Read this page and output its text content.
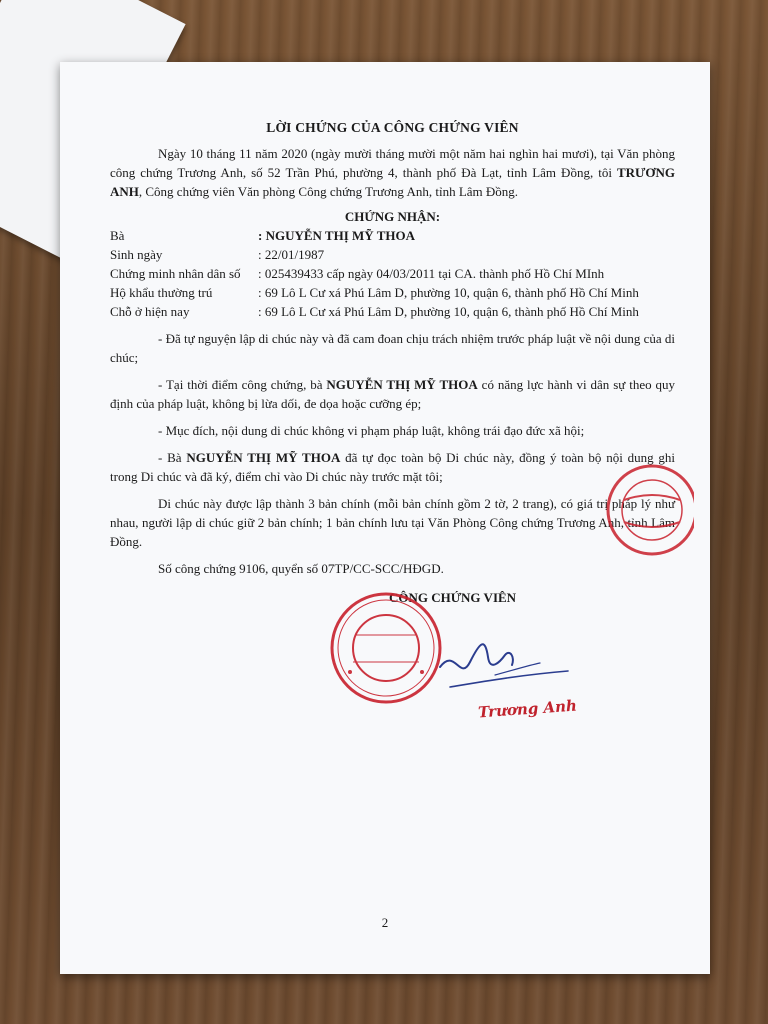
LỜI CHỨNG CỦA CÔNG CHỨNG VIÊN

Ngày 10 tháng 11 năm 2020 (ngày mười tháng mười một năm hai nghìn hai mươi), tại Văn phòng công chứng Trương Anh, số 52 Trần Phú, phường 4, thành phố Đà Lạt, tỉnh Lâm Đồng, tôi TRƯƠNG ANH, Công chứng viên Văn phòng Công chứng Trương Anh, tỉnh Lâm Đồng.

CHỨNG NHẬN:

Bà	: NGUYỄN THỊ MỸ THOA
Sinh ngày	: 22/01/1987
Chứng minh nhân dân số	: 025439433 cấp ngày 04/03/2011 tại CA. thành phố Hồ Chí MInh
Hộ khẩu thường trú	: 69 Lô L Cư xá Phú Lâm D, phường 10, quận 6, thành phố Hồ Chí Minh
Chỗ ở hiện nay	: 69 Lô L Cư xá Phú Lâm D, phường 10, quận 6, thành phố Hồ Chí Minh

- Đã tự nguyện lập di chúc này và đã cam đoan chịu trách nhiệm trước pháp luật về nội dung của di chúc;

- Tại thời điểm công chứng, bà NGUYỄN THỊ MỸ THOA có năng lực hành vi dân sự theo quy định của pháp luật, không bị lừa dối, đe dọa hoặc cưỡng ép;

- Mục đích, nội dung di chúc không vi phạm pháp luật, không trái đạo đức xã hội;

- Bà NGUYỄN THỊ MỸ THOA đã tự đọc toàn bộ Di chúc này, đồng ý toàn bộ nội dung ghi trong Di chúc và đã ký, điểm chỉ vào Di chúc này trước mặt tôi;

Di chúc này được lập thành 3 bản chính (mỗi bản chính gồm 2 tờ, 2 trang), có giá trị pháp lý như nhau, người lập di chúc giữ 2 bản chính; 1 bản chính lưu tại Văn Phòng Công chứng Trương Anh, tỉnh Lâm Đồng.

Số công chứng 9106, quyển số 07TP/CC-SCC/HĐGD.

CÔNG CHỨNG VIÊN

Trương Anh
2
